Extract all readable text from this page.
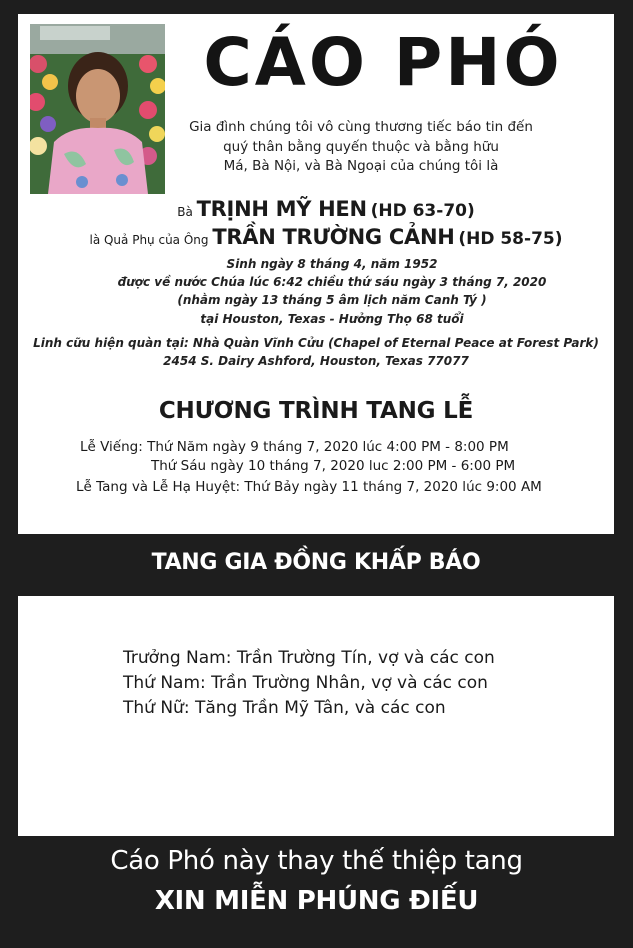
CÁO PHÓ
Gia đình chúng tôi vô cùng thương tiếc báo tin đến
quý thân bằng quyến thuộc và bằng hữu
Má, Bà Nội, và Bà Ngoại của chúng tôi là
Bà TRỊNH MỸ HEN (HD 63-70)
là Quả Phụ của Ông TRẦN TRƯỜNG CẢNH (HD 58-75)
Sinh ngày 8 tháng 4, năm 1952
được về nước Chúa lúc 6:42 chiều thứ sáu ngày 3 tháng 7, 2020
(nhằm ngày 13 tháng 5 âm lịch năm Canh Tý )
tại Houston, Texas - Hưởng Thọ 68 tuổi
Linh cữu hiện quàn tại: Nhà Quàn Vĩnh Cửu (Chapel of Eternal Peace at Forest Park)
2454 S. Dairy Ashford, Houston, Texas 77077
CHƯƠNG TRÌNH TANG LỄ
Lễ Viếng: Thứ Năm ngày 9 tháng 7, 2020 lúc 4:00 PM - 8:00 PM
Thứ Sáu ngày 10 tháng 7, 2020 luc 2:00 PM - 6:00 PM
Lễ Tang và Lễ Hạ Huyệt: Thứ Bảy ngày 11 tháng 7, 2020 lúc 9:00 AM
TANG GIA ĐỒNG KHẤP BÁO
Trưởng Nam: Trần Trường Tín, vợ và các con
Thứ Nam: Trần Trường Nhân, vợ và các con
Thứ Nữ: Tăng Trần Mỹ Tân, và các con
Cáo Phó này thay thế thiệp tang
XIN MIỄN PHÚNG ĐIẾU
